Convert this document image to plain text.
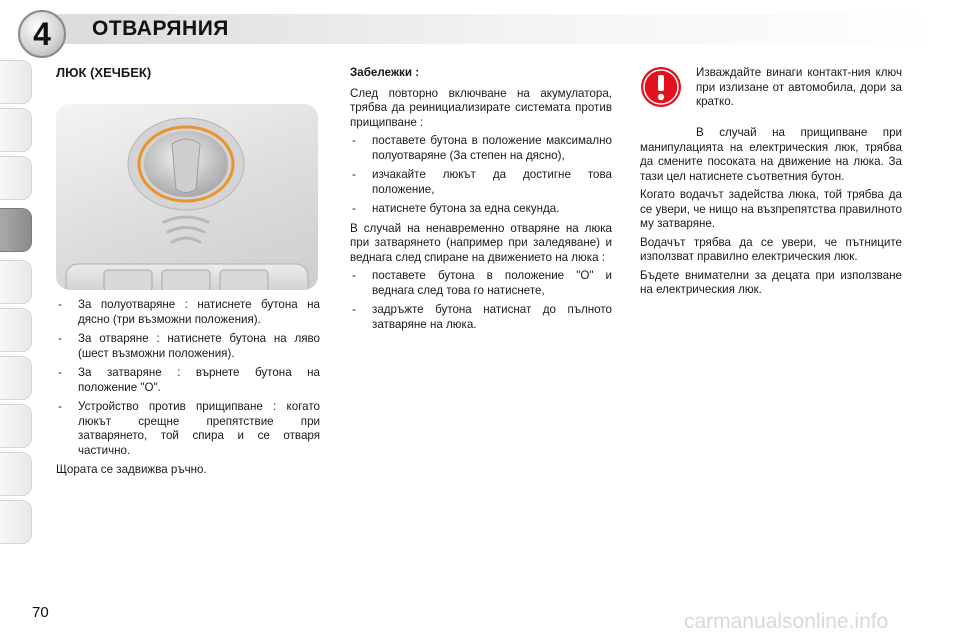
4	ОТВАРЯНИЯ
ЛЮК (ХЕЧБЕК)
- За полуотваряне : натиснете бутона на дясно (три възможни положения).
- За отваряне : натиснете бутона на ляво (шест възможни положения).
- За затваряне : върнете бутона на положение "О".
- Устройство против прищипване : когато люкът срещне препятствие при затварянето, той спира и се отваря частично.

Щората се задвижва ръчно.

Забележки :

След повторно включване на акумулатора, трябва да реинициализирате системата против прищипване :

- поставете бутона в положение максимално полуотваряне (За степен на дясно),
- изчакайте люкът да достигне това положение,
- натиснете бутона за една секунда.

В случай на ненавременно отваряне на люка при затварянето (например при заледяване) и веднага след спиране на движението на люка :

- поставете бутона в положение "О" и веднага след това го натиснете,
- задръжте бутона натиснат до пълното затваряне на люка.
Изваждайте винаги контакт-ния ключ при излизане от автомобила, дори за кратко.

В случай на прищипване при манипулацията на електрическия люк, трябва да смените посоката на движение на люка. За тази цел натиснете съответния бутон.

Когато водачът задейства люка, той трябва да се увери, че нищо на възпрепятства правилното му затваряне.

Водачът трябва да се увери, че пътниците използват правилно електрическия люк.

Бъдете внимателни за децата при използване на електрическия люк.

70	carmanualsonline.info
